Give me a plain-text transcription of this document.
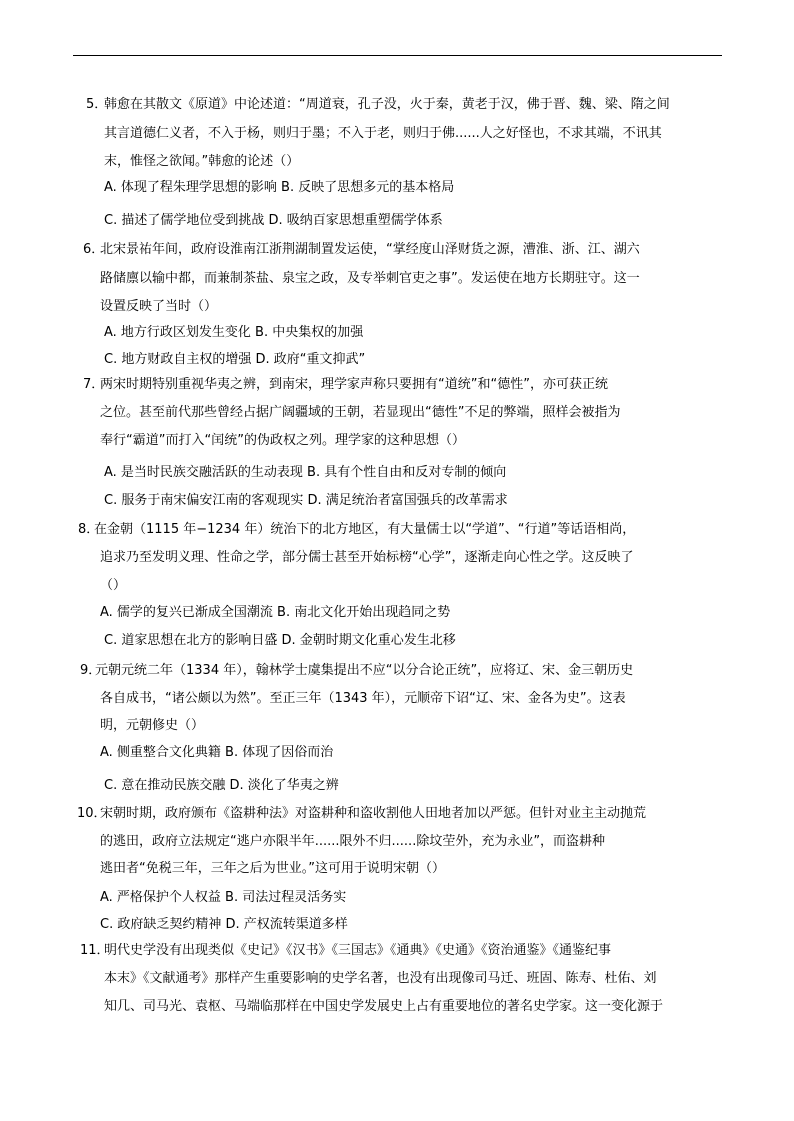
5．
韩愈在其散文《原道》中论述道：“周道衰，孔子没，火于秦，黄老于汉，佛于晋、魏、梁、隋之间
其言道德仁义者，不入于杨，则归于墨；不入于老，则归于佛......人之好怪也，不求其端，不讯其
末，惟怪之欲闻。”韩愈的论述（）
A. 体现了程朱理学思想的影响 B. 反映了思想多元的基本格局
C. 描述了儒学地位受到挑战 D. 吸纳百家思想重塑儒学体系
6．
北宋景祐年间，政府设淮南江浙荆湖制置发运使，“掌经度山泽财货之源，漕淮、浙、江、湖六
路储廪以输中都，而兼制茶盐、泉宝之政，及专举刺官吏之事”。发运使在地方长期驻守。这一
设置反映了当时（）
A. 地方行政区划发生变化 B. 中央集权的加强
C. 地方财政自主权的增强 D. 政府“重文抑武”
7．
两宋时期特别重视华夷之辨，到南宋，理学家声称只要拥有“道统”和“德性”，亦可获正统
之位。甚至前代那些曾经占据广阔疆域的王朝，若显现出“德性”不足的弊端，照样会被指为
奉行“霸道”而打入“闰统”的伪政权之列。理学家的这种思想（）
A. 是当时民族交融活跃的生动表现 B. 具有个性自由和反对专制的倾向
C. 服务于南宋偏安江南的客观现实 D. 满足统治者富国强兵的改革需求
8．
在金朝（1115 年−1234 年）统治下的北方地区，有大量儒士以“学道”、“行道”等话语相尚，
追求乃至发明义理、性命之学，部分儒士甚至开始标榜“心学”，逐渐走向心性之学。这反映了
（）
A. 儒学的复兴已渐成全国潮流 B. 南北文化开始出现趋同之势
C. 道家思想在北方的影响日盛 D. 金朝时期文化重心发生北移
9．
元朝元统二年（1334 年），翰林学士虞集提出不应“以分合论正统”，应将辽、宋、金三朝历史
各自成书，“诸公颇以为然”。至正三年（1343 年），元顺帝下诏“辽、宋、金各为史”。这表
明，元朝修史（）
A. 侧重整合文化典籍 B. 体现了因俗而治
C. 意在推动民族交融 D. 淡化了华夷之辨
10．
宋朝时期，政府颁布《盗耕种法》对盗耕种和盗收割他人田地者加以严惩。但针对业主主动抛荒
的逃田，政府立法规定“逃户亦限半年......限外不归......除坟茔外，充为永业”，而盗耕种
逃田者“免税三年，三年之后为世业。”这可用于说明宋朝（）
A. 严格保护个人权益 B. 司法过程灵活务实
C. 政府缺乏契约精神 D. 产权流转渠道多样
11．
明代史学没有出现类似《史记》《汉书》《三国志》《通典》《史通》《资治通鉴》《通鉴纪事
本末》《文献通考》那样产生重要影响的史学名著，也没有出现像司马迁、班固、陈寿、杜佑、刘
知几、司马光、袁枢、马端临那样在中国史学发展史上占有重要地位的著名史学家。这一变化源于
